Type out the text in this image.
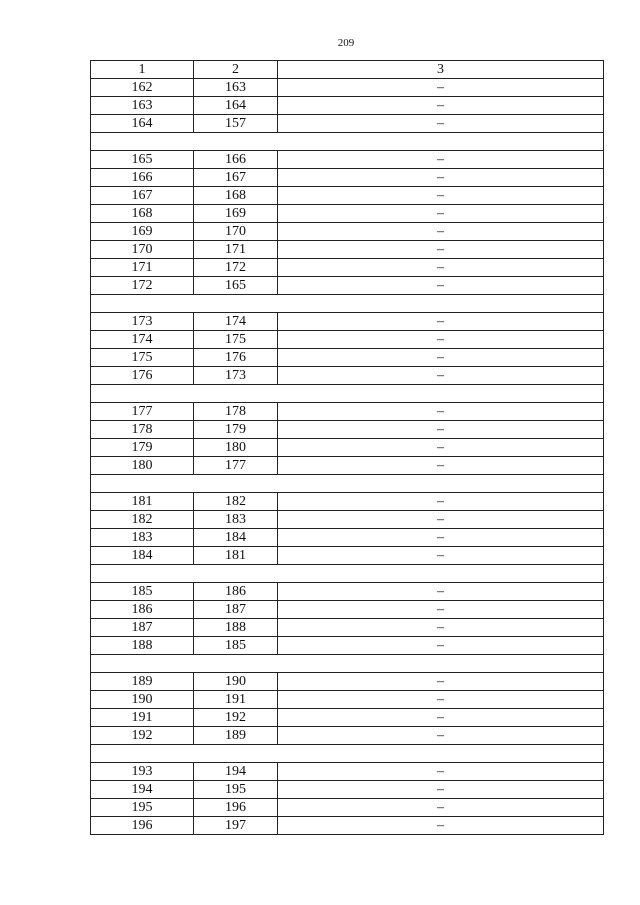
209
1	2	3
162	163	–
163	164	–
164	157	–

165	166	–
166	167	–
167	168	–
168	169	–
169	170	–
170	171	–
171	172	–
172	165	–

173	174	–
174	175	–
175	176	–
176	173	–

177	178	–
178	179	–
179	180	–
180	177	–

181	182	–
182	183	–
183	184	–
184	181	–

185	186	–
186	187	–
187	188	–
188	185	–

189	190	–
190	191	–
191	192	–
192	189	–

193	194	–
194	195	–
195	196	–
196	197	–
